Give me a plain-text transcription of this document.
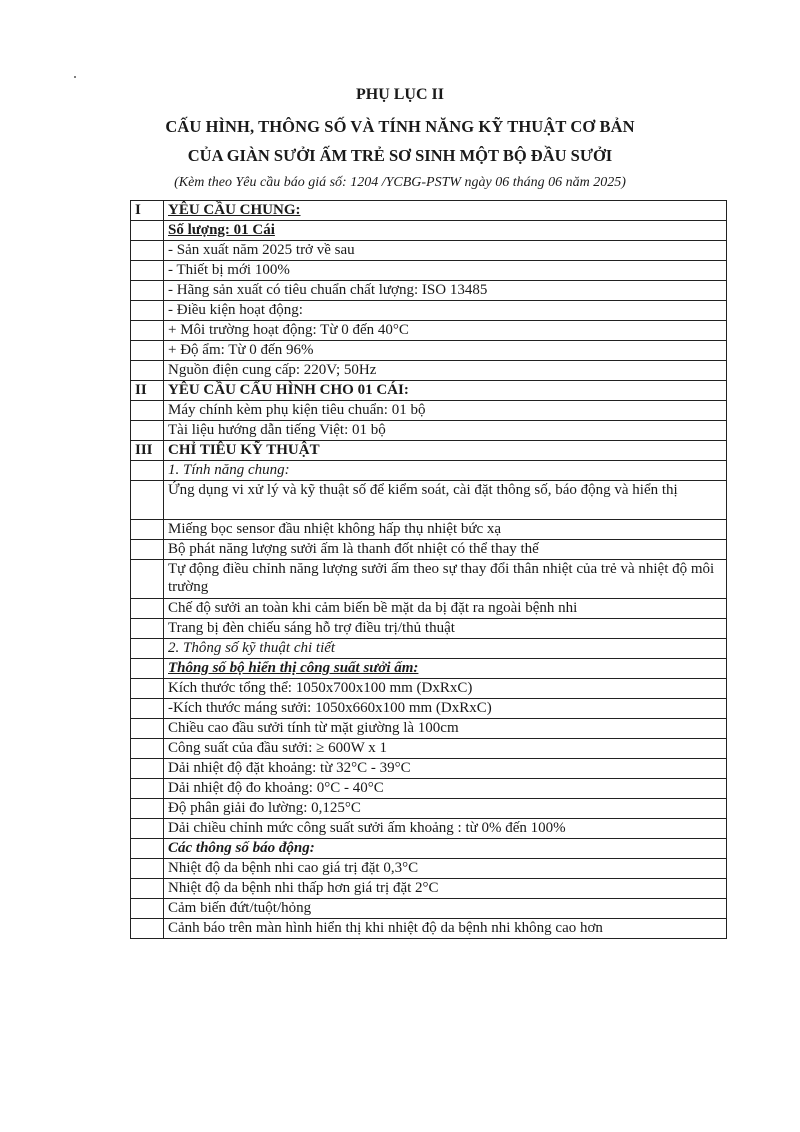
PHỤ LỤC II
CẤU HÌNH, THÔNG SỐ VÀ TÍNH NĂNG KỸ THUẬT CƠ BẢN
CỦA GIÀN SƯỞI ẤM TRẺ SƠ SINH MỘT BỘ ĐẦU SƯỞI
(Kèm theo Yêu cầu báo giá số: 1204 /YCBG-PSTW ngày 06 tháng 06 năm 2025)
I	YÊU CẦU CHUNG:
	Số lượng: 01 Cái
	- Sản xuất năm 2025 trở về sau
	- Thiết bị mới 100%
	- Hãng sản xuất có tiêu chuẩn chất lượng: ISO 13485
	- Điều kiện hoạt động:
	+ Môi trường hoạt động: Từ 0 đến 40°C
	+ Độ ẩm: Từ 0 đến 96%
	Nguồn điện cung cấp: 220V; 50Hz
II	YÊU CẦU CẤU HÌNH CHO 01 CÁI:
	Máy chính kèm phụ kiện tiêu chuẩn: 01 bộ
	Tài liệu hướng dẫn tiếng Việt: 01 bộ
III	CHỈ TIÊU KỸ THUẬT
	1. Tính năng chung:
	Ứng dụng vi xử lý và kỹ thuật số để kiểm soát, cài đặt thông số, báo động và hiển thị
	Miếng bọc sensor đầu nhiệt không hấp thụ nhiệt bức xạ
	Bộ phát năng lượng sưởi ấm là thanh đốt nhiệt có thể thay thế
	Tự động điều chỉnh năng lượng sưởi ấm theo sự thay đổi thân nhiệt của trẻ và nhiệt độ môi trường
	Chế độ sưởi an toàn khi cảm biến bề mặt da bị đặt ra ngoài bệnh nhi
	Trang bị đèn chiếu sáng hỗ trợ điều trị/thủ thuật
	2. Thông số kỹ thuật chi tiết
	Thông số bộ hiển thị công suất sưởi ấm:
	Kích thước tổng thể: 1050x700x100 mm (DxRxC)
	-Kích thước máng sưởi: 1050x660x100 mm (DxRxC)
	Chiều cao đầu sưởi tính từ mặt giường là 100cm
	Công suất của đầu sưởi: ≥ 600W x 1
	Dải nhiệt độ đặt khoảng: từ 32°C - 39°C
	Dải nhiệt độ đo khoảng: 0°C - 40°C
	Độ phân giải đo lường: 0,125°C
	Dải chiều chỉnh mức công suất sưởi ấm khoảng : từ 0% đến 100%
	Các thông số báo động:
	Nhiệt độ da bệnh nhi cao giá trị đặt 0,3°C
	Nhiệt độ da bệnh nhi thấp hơn giá trị đặt 2°C
	Cảm biến đứt/tuột/hỏng
	Cảnh báo trên màn hình hiển thị khi nhiệt độ da bệnh nhi không cao hơn
